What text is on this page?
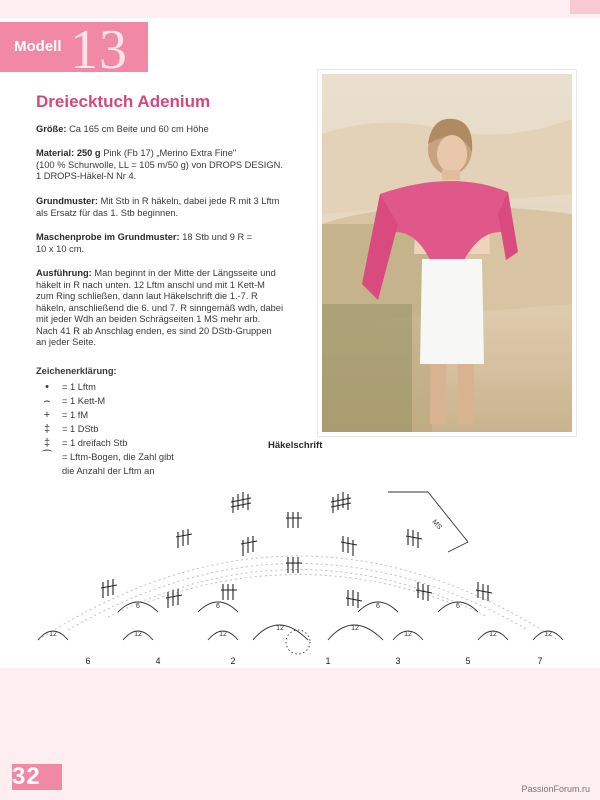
Modell 13
Dreiecktuch Adenium
Größe: Ca 165 cm Beite und 60 cm Höhe
Material: 250 g Pink (Fb 17) „Merino Extra Fine"
(100 % Schurwolle, LL = 105 m/50 g) von DROPS DESIGN.
1 DROPS-Häkel-N Nr 4.
Grundmuster: Mit Stb in R häkeln, dabei jede R mit 3 Lftm
als Ersatz für das 1. Stb beginnen.
Maschenprobe im Grundmuster: 18 Stb und 9 R =
10 x 10 cm.
Ausführung: Man beginnt in der Mitte der Längsseite und
häkelt in R nach unten. 12 Lftm anschl und mit 1 Kett-M
zum Ring schließen, dann laut Häkelschrift die 1.-7. R
häkeln, anschließend die 6. und 7. R sinngemäß wdh, dabei
mit jeder Wdh an beiden Schrägseiten 1 MS mehr arb.
Nach 41 R ab Anschlag enden, es sind 20 DStb-Gruppen
an jeder Seite.
Zeichenerklärung:
•	= 1 Lftm
⌢	= 1 Kett-M
+	= 1 fM
‡	= 1 DStb
‡	= 1 dreifach Stb
⁀	= Lftm-Bogen, die Zahl gibt
die Anzahl der Lftm an
Häkelschrift
MS
12	12	12
12	12
12	12	12
6	6	6	6
6	4	2	1	3	5	7
32	PassionForum.ru
